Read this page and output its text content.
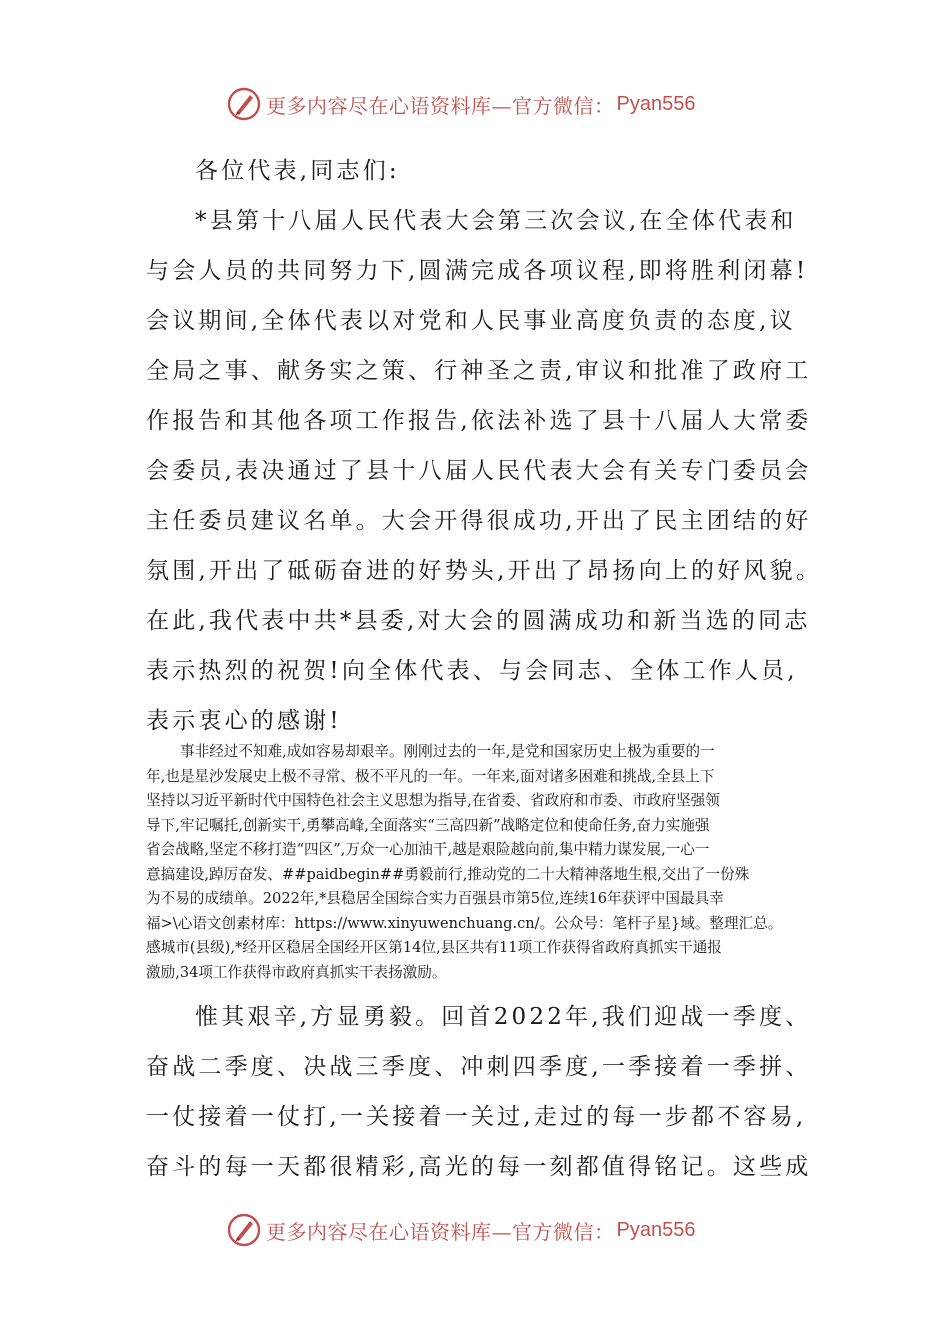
更多内容尽在心语资料库—官方微信： Pyan556
各位代表,同志们:
*县第十八届人民代表大会第三次会议,在全体代表和
与会人员的共同努力下,圆满完成各项议程,即将胜利闭幕!
会议期间,全体代表以对党和人民事业高度负责的态度,议
全局之事、献务实之策、行神圣之责,审议和批准了政府工
作报告和其他各项工作报告,依法补选了县十八届人大常委
会委员,表决通过了县十八届人民代表大会有关专门委员会
主任委员建议名单。大会开得很成功,开出了民主团结的好
氛围,开出了砥砺奋进的好势头,开出了昂扬向上的好风貌。
在此,我代表中共*县委,对大会的圆满成功和新当选的同志
表示热烈的祝贺!向全体代表、与会同志、全体工作人员,
表示衷心的感谢!
事非经过不知难,成如容易却艰辛。刚刚过去的一年,是党和国家历史上极为重要的一
年,也是星沙发展史上极不寻常、极不平凡的一年。一年来,面对诸多困难和挑战,全县上下
坚持以习近平新时代中国特色社会主义思想为指导,在省委、省政府和市委、市政府坚强领
导下,牢记嘱托,创新实干,勇攀高峰,全面落实“三高四新”战略定位和使命任务,奋力实施强
省会战略,坚定不移打造“四区”,万众一心加油干,越是艰险越向前,集中精力谋发展,一心一
意搞建设,踔厉奋发、##paidbegin##勇毅前行,推动党的二十大精神落地生根,交出了一份殊
为不易的成绩单。2022年,*县稳居全国综合实力百强县市第5位,连续16年获评中国最具幸
福>\心语文创素材库：https://www.xinyuwenchuang.cn/。公众号：笔杆子星}域。整理汇总。
感城市(县级),*经开区稳居全国经开区第14位,县区共有11项工作获得省政府真抓实干通报
激励,34项工作获得市政府真抓实干表扬激励。
惟其艰辛,方显勇毅。回首2022年,我们迎战一季度、
奋战二季度、决战三季度、冲刺四季度,一季接着一季拼、
一仗接着一仗打,一关接着一关过,走过的每一步都不容易,
奋斗的每一天都很精彩,高光的每一刻都值得铭记。这些成
更多内容尽在心语资料库—官方微信： Pyan556
